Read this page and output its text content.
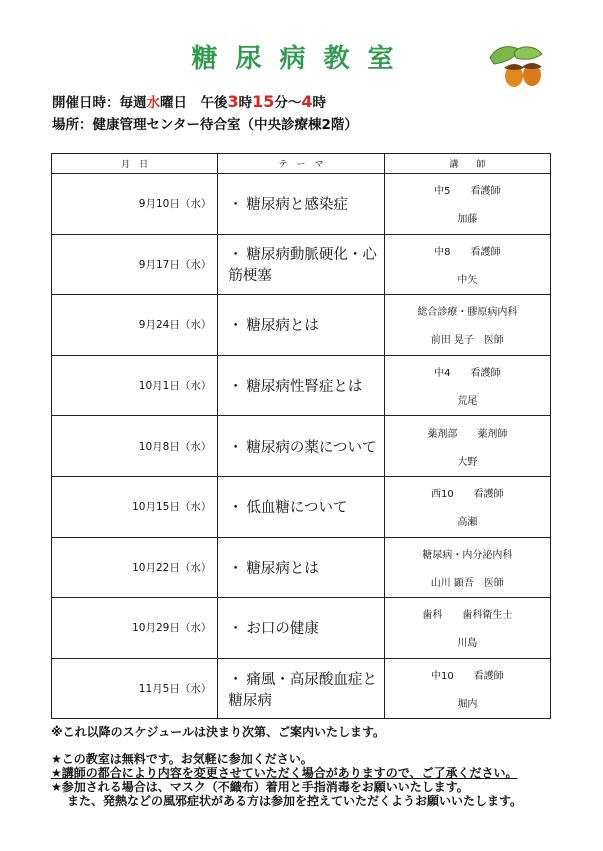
糖尿病教室
開催日時：毎週水曜日　午後3時15分～4時
場所：健康管理センター待合室（中央診療棟2階）
月　日	テ　ー　マ	講　　師
9月10日（水）	・ 糖尿病と感染症	中5　　看護師
加藤

9月17日（水）	・ 糖尿病動脈硬化・心筋梗塞	中8　　看護師
中矢

9月24日（水）	・ 糖尿病とは	総合診療・膠原病内科
前田 晃子　医師

10月1日（水）	・ 糖尿病性腎症とは	中4　　看護師
荒尾

10月8日（水）	・ 糖尿病の薬について	薬剤部　　薬剤師
大野

10月15日（水）	・ 低血糖について	西10　　看護師
高瀬

10月22日（水）	・ 糖尿病とは	糖尿病・内分泌内科
山川 顕吾　医師

10月29日（水）	・ お口の健康	歯科　　歯科衛生士
川島

11月5日（水）	・ 痛風・高尿酸血症と糖尿病	中10　　看護師
堀内
※これ以降のスケジュールは決まり次第、ご案内いたします。
★この教室は無料です。お気軽に参加ください。
★講師の都合により内容を変更させていただく場合がありますので、ご了承ください。
★参加される場合は、マスク（不織布）着用と手指消毒をお願いいたします。
また、発熱などの風邪症状がある方は参加を控えていただくようお願いいたします。
